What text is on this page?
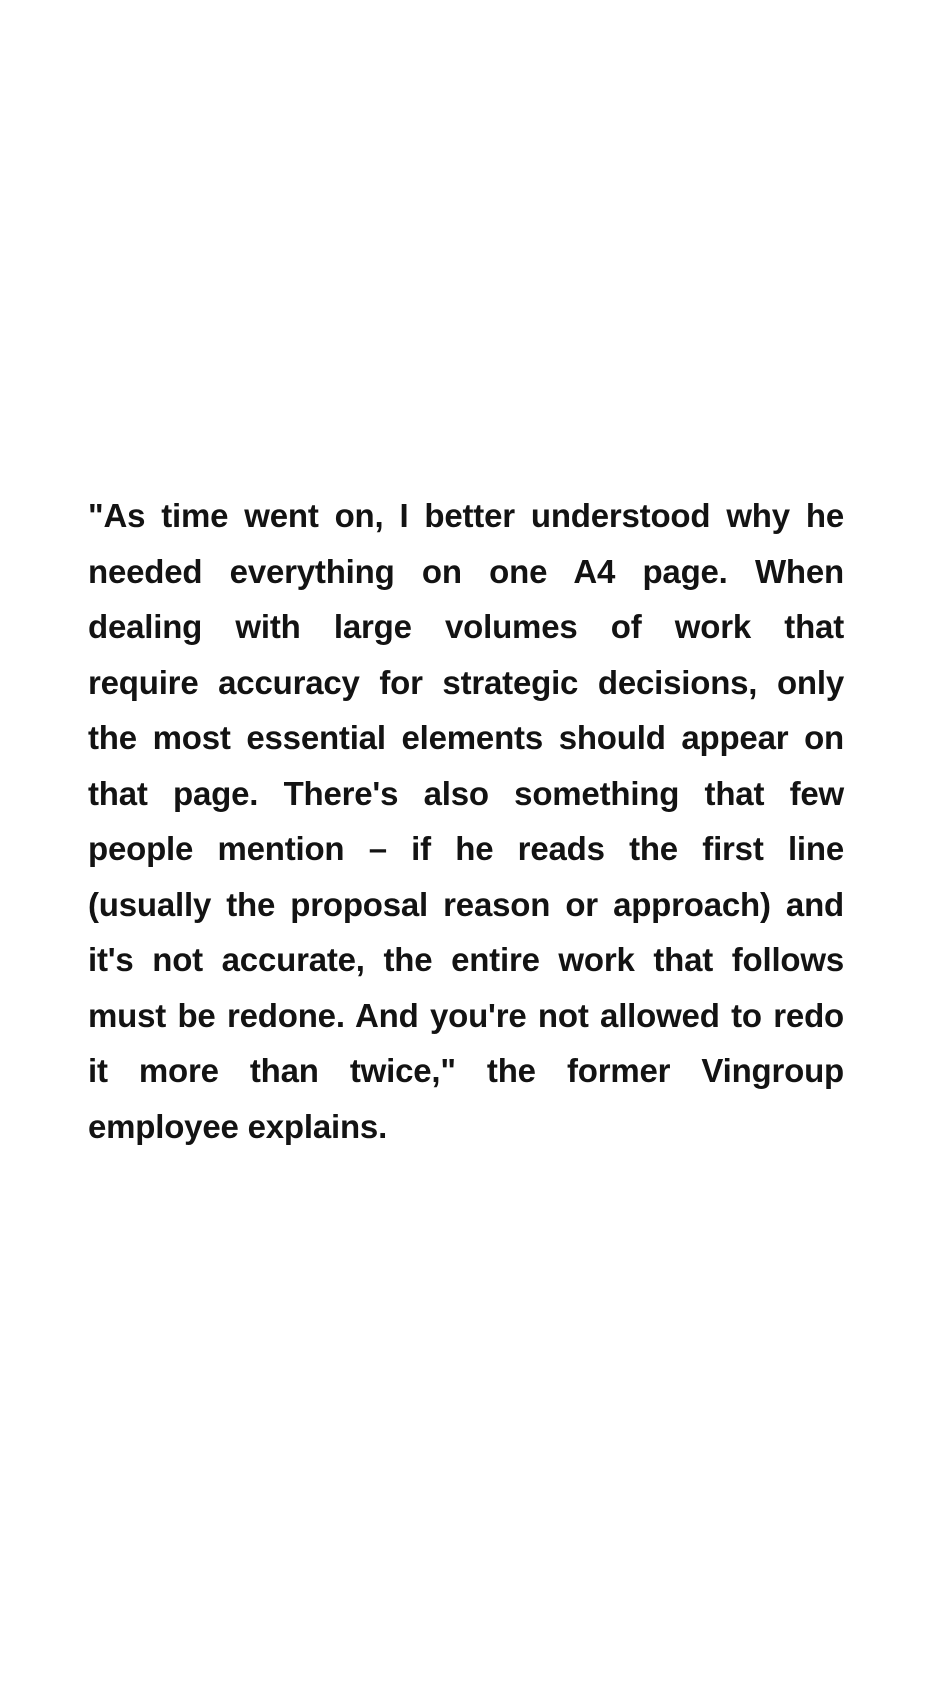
"As time went on, I better understood why he
needed everything on one A4 page. When
dealing with large volumes of work that
require accuracy for strategic decisions, only
the most essential elements should appear on
that page. There's also something that few
people mention – if he reads the first line
(usually the proposal reason or approach) and
it's not accurate, the entire work that follows
must be redone. And you're not allowed to redo
it more than twice," the former Vingroup
employee explains.
